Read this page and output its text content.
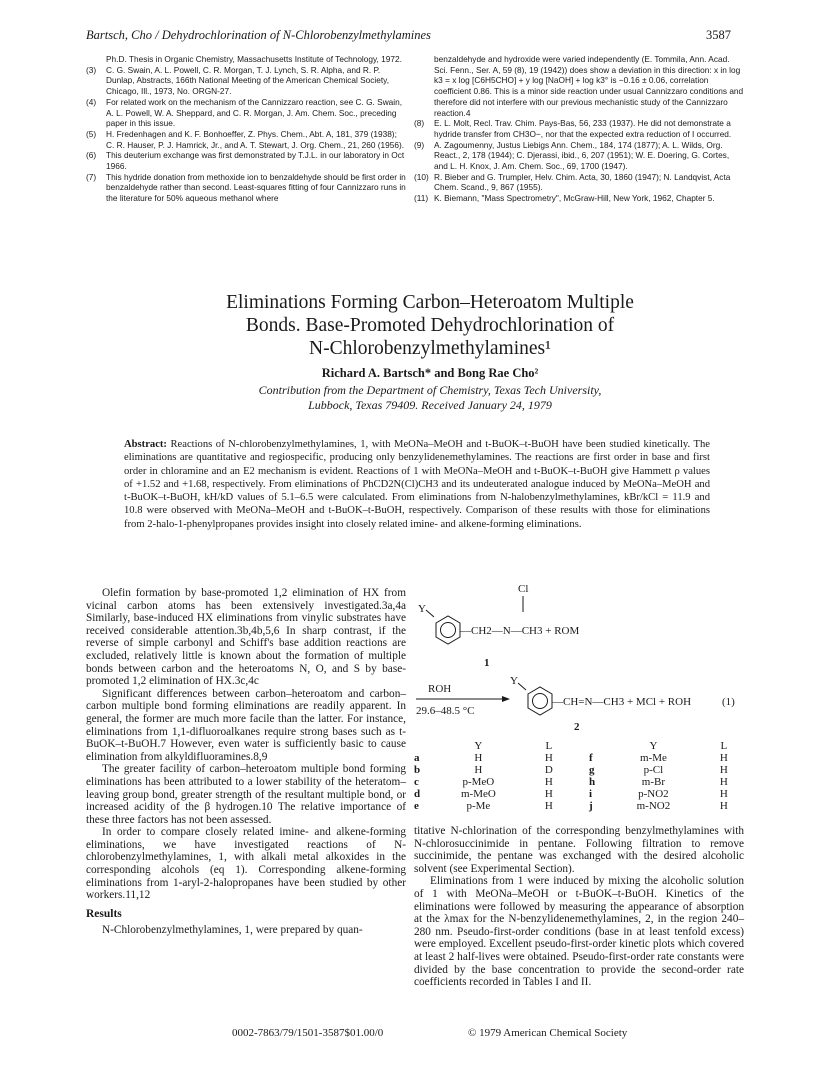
Bartsch, Cho / Dehydrochlorination of N-Chlorobenzylmethylamines	3587
Ph.D. Thesis in Organic Chemistry, Massachusetts Institute of Technology, 1972.
(3)	C. G. Swain, A. L. Powell, C. R. Morgan, T. J. Lynch, S. R. Alpha, and R. P. Dunlap, Abstracts, 166th National Meeting of the American Chemical Society, Chicago, Ill., 1973, No. ORGN-27.
(4)	For related work on the mechanism of the Cannizzaro reaction, see C. G. Swain, A. L. Powell, W. A. Sheppard, and C. R. Morgan, J. Am. Chem. Soc., preceding paper in this issue.
(5)	H. Fredenhagen and K. F. Bonhoeffer, Z. Phys. Chem., Abt. A, 181, 379 (1938); C. R. Hauser, P. J. Hamrick, Jr., and A. T. Stewart, J. Org. Chem., 21, 260 (1956).
(6)	This deuterium exchange was first demonstrated by T.J.L. in our laboratory in Oct 1966.
(7)	This hydride donation from methoxide ion to benzaldehyde should be first order in benzaldehyde rather than second. Least-squares fitting of four Cannizzaro runs in the literature for 50% aqueous methanol where
benzaldehyde and hydroxide were varied independently (E. Tommila, Ann. Acad. Sci. Fenn., Ser. A, 59 (8), 19 (1942)) does show a deviation in this direction: x in log k3 = x log [C6H5CHO] + y log [NaOH] + log k3° is −0.16 ± 0.06, correlation coefficient 0.86. This is a minor side reaction under usual Cannizzaro conditions and therefore did not interfere with our previous mechanistic study of the Cannizzaro reaction.4
(8)	E. L. Molt, Recl. Trav. Chim. Pays-Bas, 56, 233 (1937). He did not demonstrate a hydride transfer from CH3O−, nor that the expected extra reduction of I occurred.
(9)	A. Zagoumenny, Justus Liebigs Ann. Chem., 184, 174 (1877); A. L. Wilds, Org. React., 2, 178 (1944); C. Djerassi, ibid., 6, 207 (1951); W. E. Doering, G. Cortes, and L. H. Knox, J. Am. Chem. Soc., 69, 1700 (1947).
(10) R. Bieber and G. Trumpler, Helv. Chim. Acta, 30, 1860 (1947); N. Landqvist, Acta Chem. Scand., 9, 867 (1955).
(11) K. Biemann, "Mass Spectrometry", McGraw-Hill, New York, 1962, Chapter 5.
Eliminations Forming Carbon–Heteroatom Multiple
Bonds. Base-Promoted Dehydrochlorination of
N-Chlorobenzylmethylamines¹
Richard A. Bartsch* and Bong Rae Cho²
Contribution from the Department of Chemistry, Texas Tech University,
Lubbock, Texas 79409. Received January 24, 1979
Abstract: Reactions of N-chlorobenzylmethylamines, 1, with MeONa–MeOH and t-BuOK–t-BuOH have been studied kinetically. The eliminations are quantitative and regiospecific, producing only benzylidenemethylamines. The reactions are first order in base and first order in chloramine and an E2 mechanism is evident. Reactions of 1 with MeONa–MeOH and t-BuOK–t-BuOH give Hammett ρ values of +1.52 and +1.68, respectively. From eliminations of PhCD2N(Cl)CH3 and its undeuterated analogue induced by MeONa–MeOH and t-BuOK–t-BuOH, kH/kD values of 5.1–6.5 were calculated. From eliminations from N-halobenzylmethylamines, kBr/kCl = 11.9 and 10.8 were observed with MeONa–MeOH and t-BuOK–t-BuOH, respectively. Comparison of these results with those for eliminations from 2-halo-1-phenylpropanes provides insight into closely related imine- and alkene-forming eliminations.

Olefin formation by base-promoted 1,2 elimination of HX from vicinal carbon atoms has been extensively investigated.3a,4a Similarly, base-induced HX eliminations from vinylic substrates have received considerable attention.3b,4b,5,6 In sharp contrast, if the reverse of simple carbonyl and Schiff's base addition reactions are excluded, relatively little is known about the formation of multiple bonds between carbon and the heteroatoms N, O, and S by base-promoted 1,2 elimination of HX.3c,4c

Significant differences between carbon–heteroatom and carbon–carbon multiple bond forming eliminations are readily apparent. In general, the former are much more facile than the latter. For instance, eliminations from 1,1-difluoroalkanes require strong bases such as t-BuOK–t-BuOH.7 However, even water is sufficiently basic to cause elimination from alkyldifluoramines.8,9

The greater facility of carbon–heteroatom multiple bond forming eliminations has been attributed to a lower stability of the heteratom–leaving group bond, greater strength of the resultant multiple bond, or increased acidity of the β hydrogen.10 The relative importance of these three factors has not been assessed.

In order to compare closely related imine- and alkene-forming eliminations, we have investigated reactions of N-chlorobenzylmethylamines, 1, with alkali metal alkoxides in the corresponding alcohols (eq 1). Corresponding alkene-forming eliminations from 1-aryl-2-halopropanes have been studied by other workers.11,12

Results

N-Chlorobenzylmethylamines, 1, were prepared by quan-

Cl
Y
—CH2—N—CH3 + ROM
1
ROH
29.6–48.5 °C
Y
—CH=N—CH3 + MCl + ROH	(1)
2
	Y	L			Y	L
a	H	H		f	m-Me	H
b	H	D		g	p-Cl	H
c	p-MeO	H		h	m-Br	H
d	m-MeO	H		i	p-NO2	H
e	p-Me	H		j	m-NO2	H

titative N-chlorination of the corresponding benzylmethylamines with N-chlorosuccinimide in pentane. Following filtration to remove succinimide, the pentane was exchanged with the desired alcoholic solvent (see Experimental Section).

Eliminations from 1 were induced by mixing the alcoholic solution of 1 with MeONa–MeOH or t-BuOK–t-BuOH. Kinetics of the eliminations were followed by measuring the appearance of absorption at the λmax for the N-benzylidenemethylamines, 2, in the region 240–280 nm. Pseudo-first-order conditions (base in at least tenfold excess) were employed. Excellent pseudo-first-order kinetic plots which covered at least 2 half-lives were obtained. Pseudo-first-order rate constants were divided by the base concentration to provide the second-order rate coefficients recorded in Tables I and II.

0002-7863/79/1501-3587$01.00/0	© 1979 American Chemical Society
